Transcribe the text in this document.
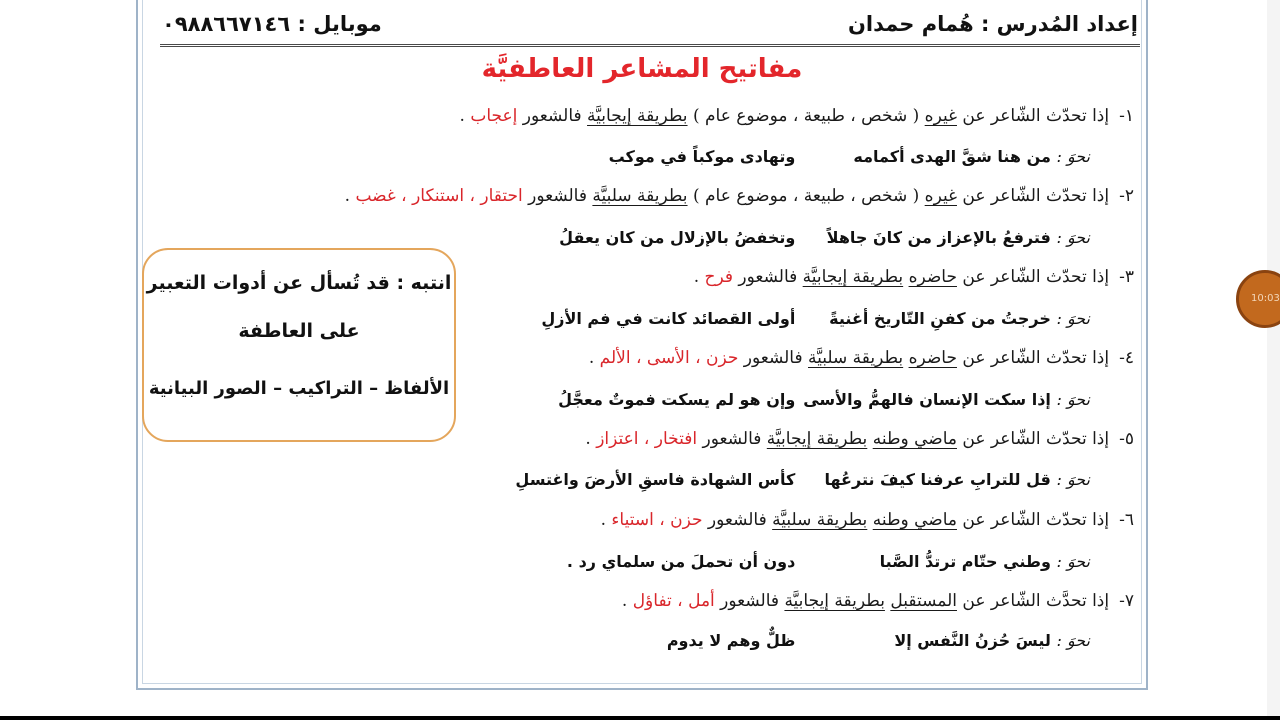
إعداد المُدرس : هُمام حمدان
موبايل : ٠٩٨٨٦٦٧١٤٦
مفاتيح المشاعر العاطفيَّة
١-إذا تحدّث الشّاعر عن غيره ( شخص ، طبيعة ، موضوع عام ) بطريقة إيجابيَّة فالشعور إعجاب .
نحوَ : من هنا شقَّ الهدى أكمامه وتهادى موكباً في موكب
٢-إذا تحدّث الشّاعر عن غيره ( شخص ، طبيعة ، موضوع عام ) بطريقة سلبيَّة فالشعور احتقار ، استنكار ، غضب .
نحوَ : فترفعُ بالإعزاز من كانَ جاهلاً وتخفضُ بالإزلال من كان يعقلُ
٣-إذا تحدّث الشّاعر عن حاضره بطريقة إيجابيَّة فالشعور فرح .
نحوَ : خرجتُ من كفنِ التّاريخ أغنيةً أولى القصائد كانت في فم الأزلِ
٤-إذا تحدّث الشّاعر عن حاضره بطريقة سلبيَّة فالشعور حزن ، الأسى ، الألم .
نحوَ : إذا سكت الإنسان فالهمُّ والأسى وإن هو لم يسكت فموتٌ معجَّلُ
٥-إذا تحدّث الشّاعر عن ماضي وطنه بطريقة إيجابيَّة فالشعور افتخار ، اعتزاز .
نحوَ : قل للترابِ عرفنا كيفَ نترعُها كأس الشهادة فاسقِ الأرضَ واغتسلِ
٦-إذا تحدّث الشّاعر عن ماضي وطنه بطريقة سلبيَّة فالشعور حزن ، استياء .
نحوَ : وطني حتّام ترتدُّ الصَّبا دون أن تحملَ من سلماي رد .
٧-إذا تحدَّث الشّاعر عن المستقبل بطريقة إيجابيَّة فالشعور أمل ، تفاؤل .
نحوَ : ليسَ حُزنُ النَّفس إلا ظلٌّ وهم لا يدوم
انتبه : قد تُسأل عن أدوات التعبير
على العاطفة
الألفاظ – التراكيب – الصور البيانية
10:03
